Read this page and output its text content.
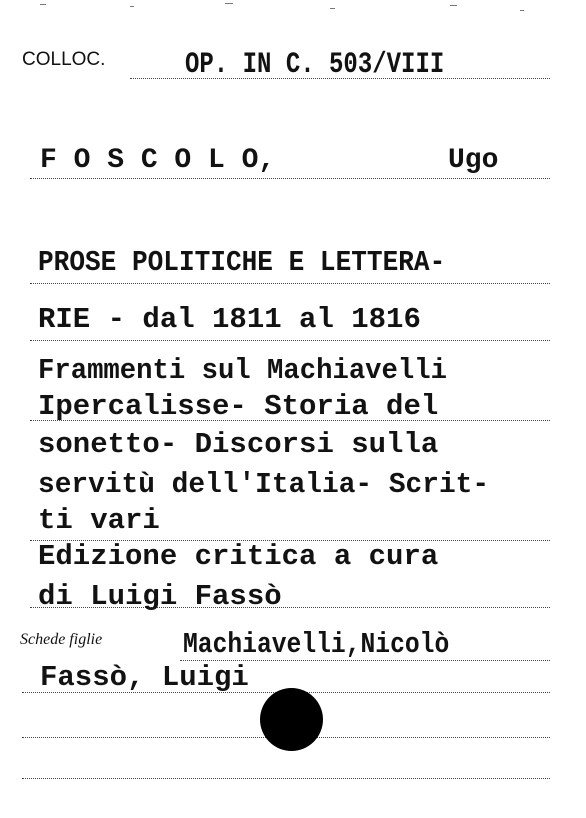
COLLOC.	OP. IN C. 503/VIII
F O S C O L O,	Ugo
PROSE POLITICHE E LETTERA-
RIE - dal 1811 al 1816
Frammenti sul Machiavelli
Ipercalisse- Storia del
sonetto- Discorsi sulla
servitù dell'Italia- Scrit-
ti vari
Edizione critica a cura
di Luigi Fassò
Schede figlie	Machiavelli,Nicolò
Fassò, Luigi
